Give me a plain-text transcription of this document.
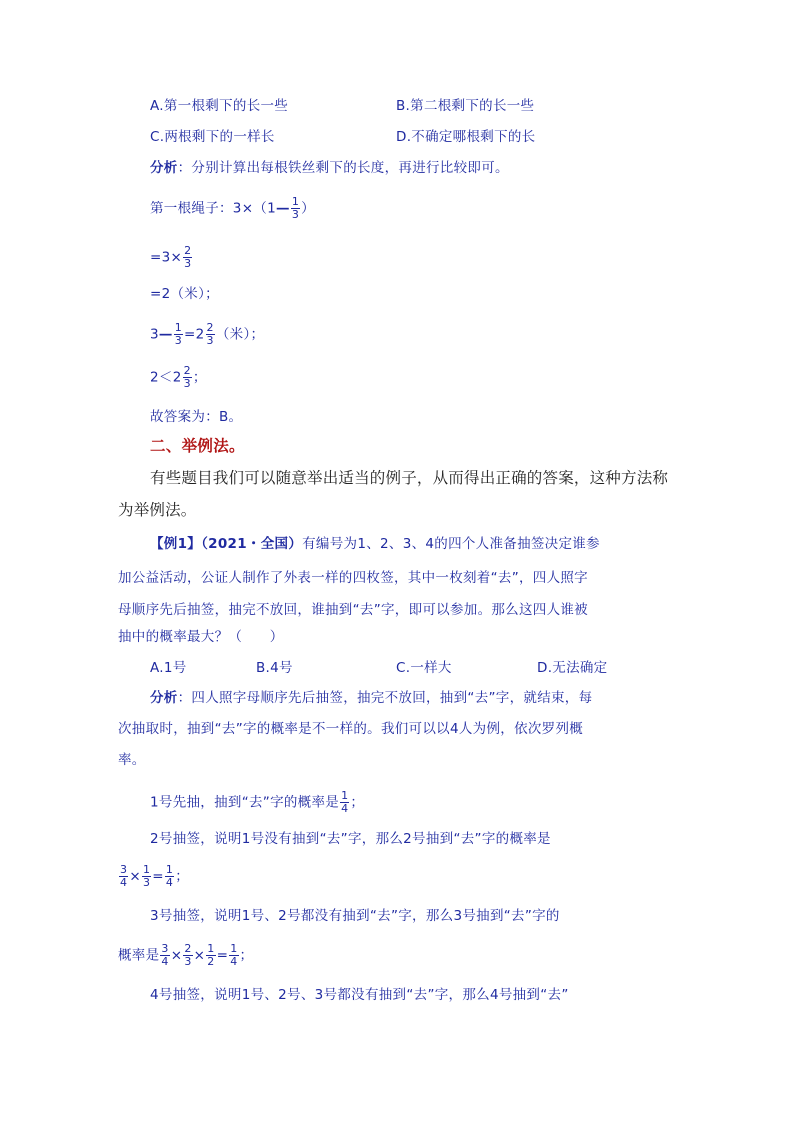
A.第一根剩下的长一些	B.第二根剩下的长一些
C.两根剩下的一样长	D.不确定哪根剩下的长
分析：分别计算出每根铁丝剩下的长度，再进行比较即可。
第一根绳子：3×（1— $\frac{1}{3}$ ）
$=3\times \frac{2}{3}$
=2（米）；
3— $\frac{1}{3} =2 \frac{2}{3}$ （米）；
$2<2 \frac{2}{3}$ ；
故答案为：B。
二、举例法。
有些题目我们可以随意举出适当的例子，从而得出正确的答案，这种方法称
为举例法。
【例1】（2021・全国）有编号为1、2、3、4的四个人准备抽签决定谁参
加公益活动，公证人制作了外表一样的四枚签，其中一枚刻着“去”，四人照字
母顺序先后抽签，抽完不放回，谁抽到“去”字，即可以参加。那么这四人谁被
抽中的概率最大？（　　）
A.1号	B.4号	C.一样大	D.无法确定
分析：四人照字母顺序先后抽签，抽完不放回，抽到“去”字，就结束，每
次抽取时，抽到“去”字的概率是不一样的。我们可以以4人为例，依次罗列概
率。
1号先抽，抽到“去”字的概率是 $\frac{1}{4}$ ；
2号抽签，说明1号没有抽到“去”字，那么2号抽到“去”字的概率是
$\frac{3}{4} \times \frac{1}{3} = \frac{1}{4}$ ；
3号抽签，说明1号、2号都没有抽到“去”字，那么3号抽到“去”字的
概率是 $\frac{3}{4} \times \frac{2}{3} \times \frac{1}{2} = \frac{1}{4}$ ；
4号抽签，说明1号、2号、3号都没有抽到“去”字，那么4号抽到“去”
